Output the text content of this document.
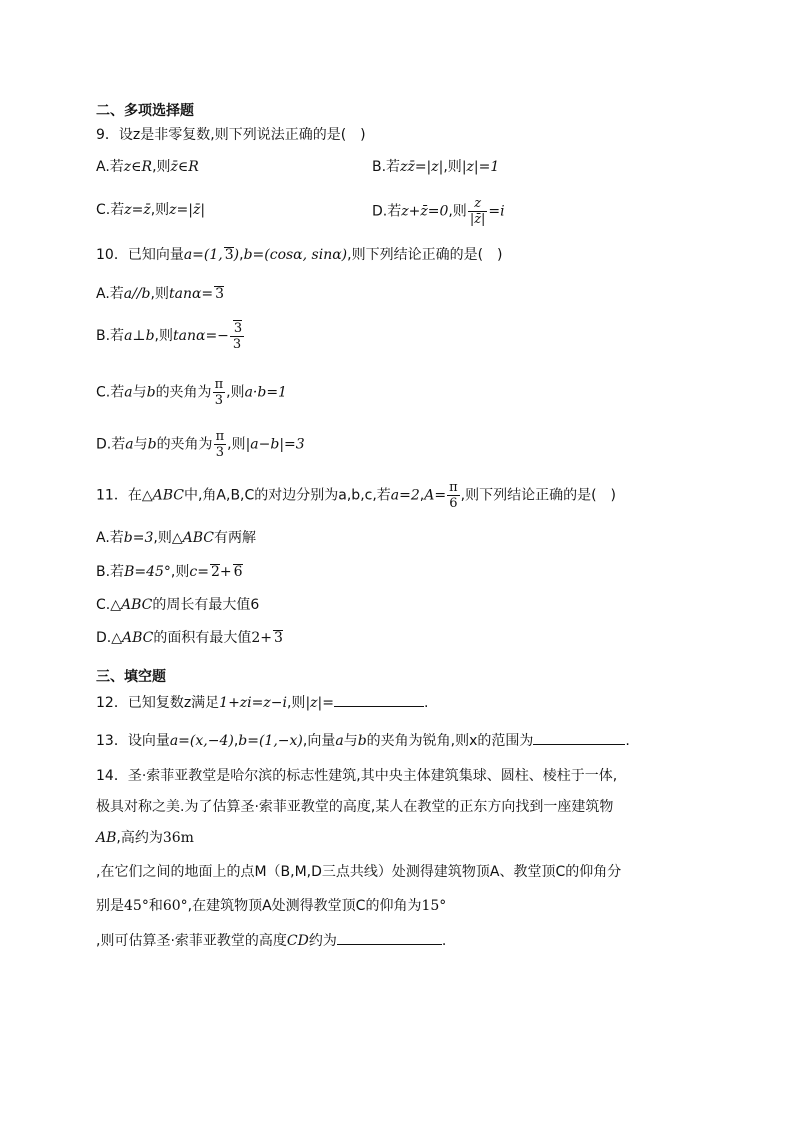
二、多项选择题
9．设z是非零复数,则下列说法正确的是(　)
A.若z∈R,则z̄∈R	B.若zz̄=|z|,则|z|=1
C.若z=z̄,则z=|z̄|	D.若z+z̄=0,则 $\frac{z}{|z̄|} =i$
10．已知向量a=(1, 3),b=(cosα, sinα),则下列结论正确的是(　)
A.若a//b,则tanα= 3
B.若a⊥b,则$\tan\alpha=- \frac{3}{3}$
C.若a与b的夹角为 $\frac{\pi}{3}$ ,则a·b=1
D.若a与b的夹角为 $\frac{\pi}{3}$ ,则|a−b|=3
11．在△ABC中,角A,B,C的对边分别为a,b,c,若$a=2,A= \frac{\pi}{6}$ ,则下列结论正确的是(　)
A.若b=3,则△ABC有两解
B.若B=45°,则c= 2+ 6
C.△ABC的周长有最大值6
D.△ABC的面积有最大值2+ 3
三、填空题
12．已知复数z满足1+zi=z−i,则|z|=	.
13．设向量a=(x,−4),b=(1,−x),向量a与b的夹角为锐角,则x的范围为	.
14．圣·索菲亚教堂是哈尔滨的标志性建筑,其中央主体建筑集球、圆柱、棱柱于一体,
极具对称之美.为了估算圣·索菲亚教堂的高度,某人在教堂的正东方向找到一座建筑物
AB,高约为36m
,在它们之间的地面上的点M（B,M,D三点共线）处测得建筑物顶A、教堂顶C的仰角分
别是45°和60°,在建筑物顶A处测得教堂顶C的仰角为15°
,则可估算圣·索菲亚教堂的高度CD约为	.
